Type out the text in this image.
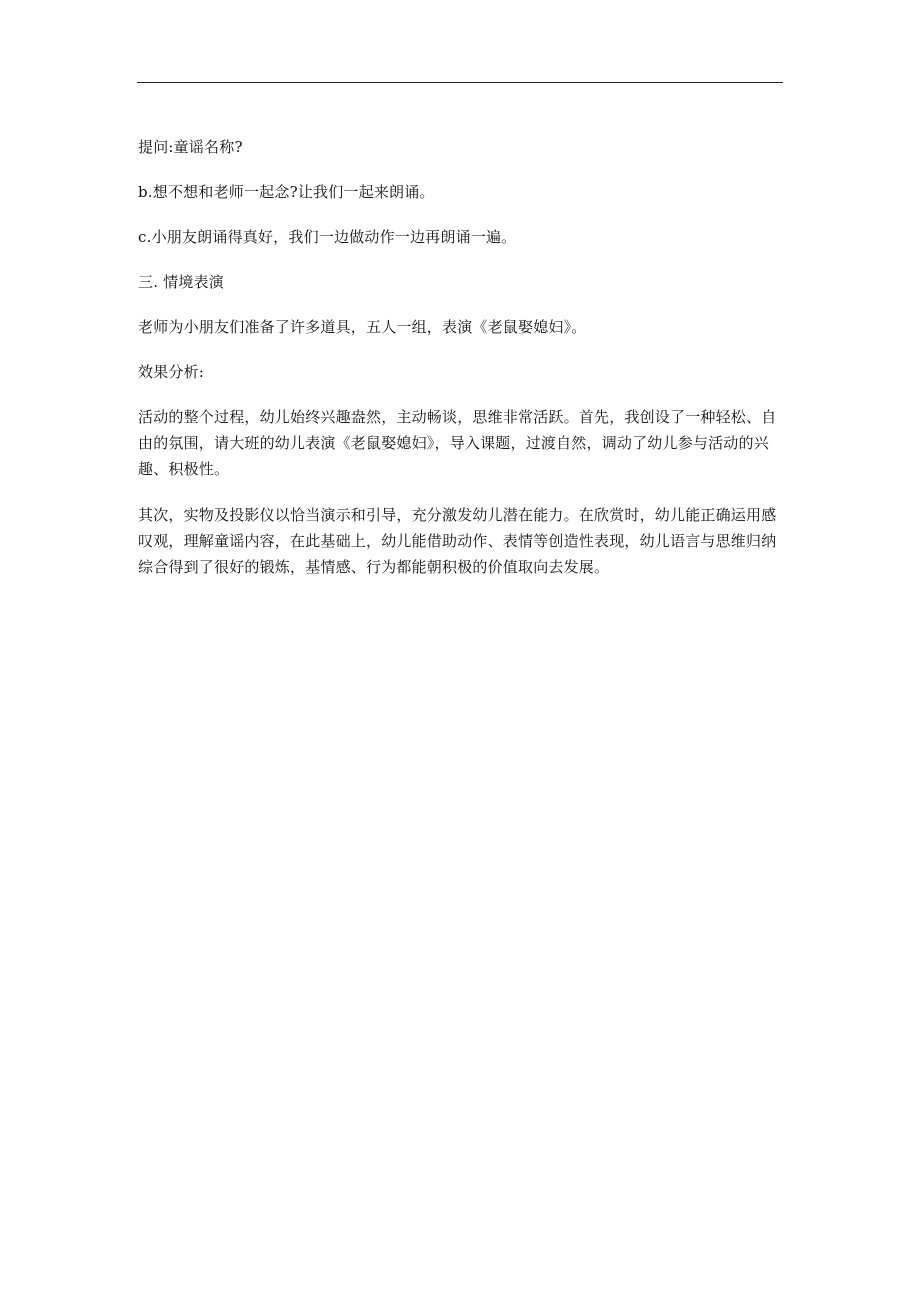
提问:童谣名称?

b.想不想和老师一起念?让我们一起来朗诵。

c.小朋友朗诵得真好，我们一边做动作一边再朗诵一遍。

三. 情境表演

老师为小朋友们准备了许多道具，五人一组，表演《老鼠娶媳妇》。

效果分析:

活动的整个过程，幼儿始终兴趣盎然，主动畅谈，思维非常活跃。首先，我创设了一种轻松、自由的氛围，请大班的幼儿表演《老鼠娶媳妇》，导入课题，过渡自然，调动了幼儿参与活动的兴趣、积极性。

其次，实物及投影仪以恰当演示和引导，充分激发幼儿潜在能力。在欣赏时，幼儿能正确运用感叹观，理解童谣内容，在此基础上，幼儿能借助动作、表情等创造性表现，幼儿语言与思维归纳综合得到了很好的锻炼，基情感、行为都能朝积极的价值取向去发展。
